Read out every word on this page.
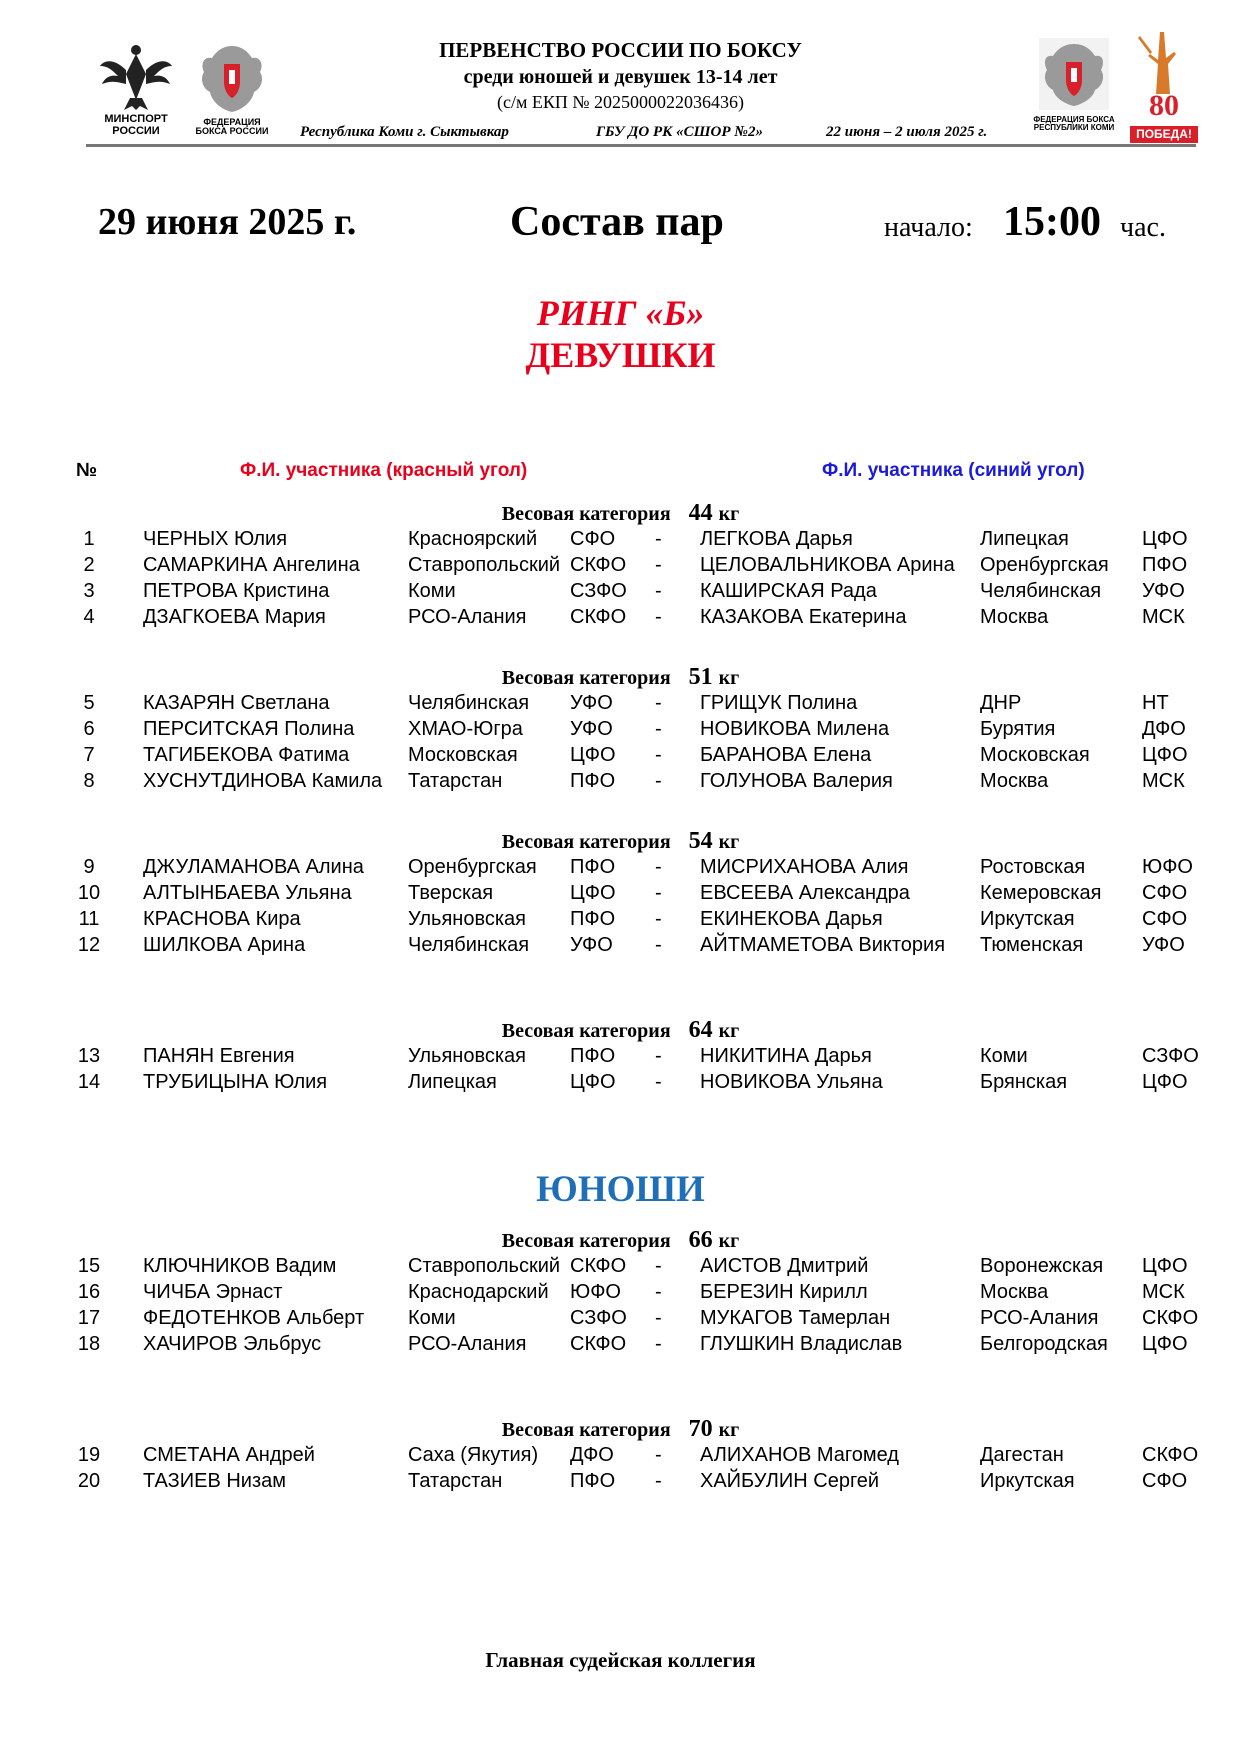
МИНСПОРТ РОССИИ
ФЕДЕРАЦИЯ БОКСА РОССИИ
ФЕДЕРАЦИЯ БОКСА РЕСПУБЛИКИ КОМИ
80
ПОБЕДА!
ПЕРВЕНСТВО РОССИИ ПО БОКСУ
среди юношей и девушек 13-14 лет
(с/м ЕКП № 2025000022036436)
Республика Коми г. Сыктывкар	ГБУ ДО РК «СШОР №2»	22 июня – 2 июля 2025 г.
29 июня 2025 г.	Состав пар	начало: 15:00 час.
РИНГ «Б»
ДЕВУШКИ
№	Ф.И. участника (красный угол)	Ф.И. участника (синий угол)
ЮНОШИ
Весовая категория 44 кг
1	ЧЕРНЫХ Юлия	Красноярский СФО - ЛЕГКОВА Дарья	Липецкая	ЦФО
2	САМАРКИНА Ангелина Ставропольский СКФО - ЦЕЛОВАЛЬНИКОВА Арина Оренбургская ПФО
3	ПЕТРОВА Кристина	Коми	СЗФО - КАШИРСКАЯ Рада	Челябинская УФО
4	ДЗАГКОЕВА Мария	РСО-Алания СКФО - КАЗАКОВА Екатерина	Москва	МСК
Весовая категория 51 кг
5	КАЗАРЯН Светлана	Челябинская УФО - ГРИЩУК Полина	ДНР	НТ
6	ПЕРСИТСКАЯ Полина	ХМАО-Югра УФО - НОВИКОВА Милена	Бурятия	ДФО
7	ТАГИБЕКОВА Фатима	Московская	ЦФО - БАРАНОВА Елена	Московская	ЦФО
8	ХУСНУТДИНОВА Камила Татарстан	ПФО - ГОЛУНОВА Валерия	Москва	МСК
Весовая категория 54 кг
9	ДЖУЛАМАНОВА Алина Оренбургская ПФО - МИСРИХАНОВА Алия	Ростовская	ЮФО
10 АЛТЫНБАЕВА Ульяна	Тверская	ЦФО - ЕВСЕЕВА Александра	Кемеровская СФО
11 КРАСНОВА Кира	Ульяновская ПФО - ЕКИНЕКОВА Дарья	Иркутская	СФО
12 ШИЛКОВА Арина	Челябинская УФО - АЙТМАМЕТОВА Виктория Тюменская	УФО
Весовая категория 64 кг
13 ПАНЯН Евгения	Ульяновская ПФО - НИКИТИНА Дарья	Коми	СЗФО
14 ТРУБИЦЫНА Юлия	Липецкая	ЦФО - НОВИКОВА Ульяна	Брянская	ЦФО
Весовая категория 66 кг
15 КЛЮЧНИКОВ Вадим	Ставропольский СКФО - АИСТОВ Дмитрий	Воронежская ЦФО
16 ЧИЧБА Эрнаст	Краснодарский ЮФО - БЕРЕЗИН Кирилл	Москва	МСК
17 ФЕДОТЕНКОВ Альберт Коми	СЗФО - МУКАГОВ Тамерлан	РСО-Алания СКФО
18 ХАЧИРОВ Эльбрус	РСО-Алания СКФО - ГЛУШКИН Владислав	Белгородская ЦФО
Весовая категория 70 кг
19 СМЕТАНА Андрей	Саха (Якутия) ДФО - АЛИХАНОВ Магомед	Дагестан	СКФО
20 ТАЗИЕВ Низам	Татарстан	ПФО - ХАЙБУЛИН Сергей	Иркутская	СФО
Главная судейская коллегия
